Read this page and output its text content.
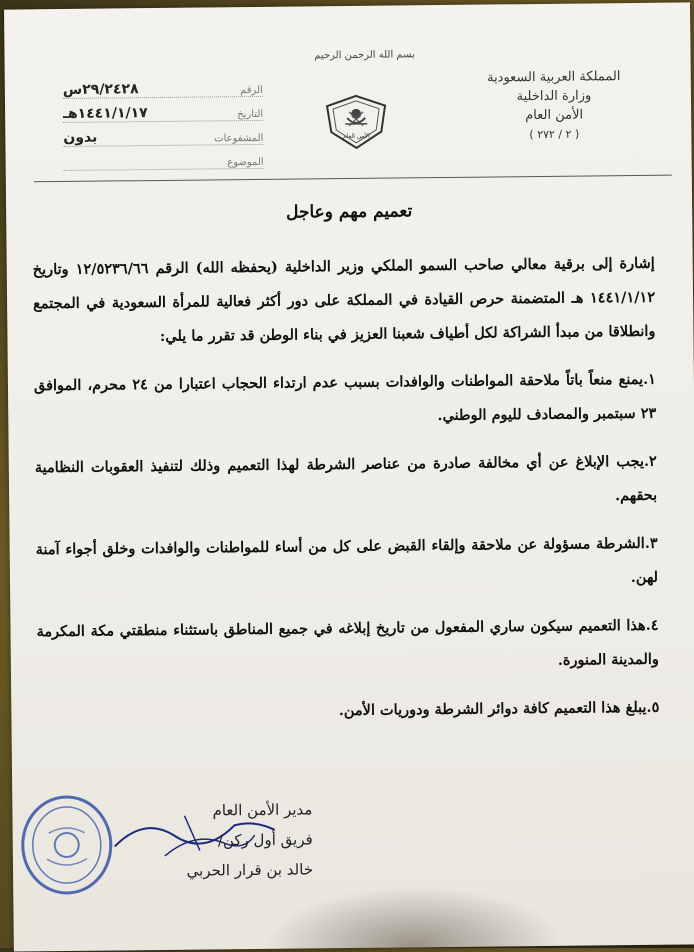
بسم الله الرحمن الرحيم
المملكة العربية السعودية
وزارة الداخلية
الأمن العام
( ٢ / ٢٧٢ )
الأمن العام
الرقم
٢٩/٢٤٢٨س
التاريخ
١٤٤١/١/١٧هـ
المشفوعات
بدون
الموضوع
تعميم مهم وعاجل

إشارة إلى برقية معالي صاحب السمو الملكي وزير الداخلية (يحفظه الله) الرقم ١٢/٥٢٣٦/٦٦ وتاريخ ١٤٤١/١/١٢ هـ المتضمنة حرص القيادة في المملكة على دور أكثر فعالية للمرأة السعودية في المجتمع وانطلاقا من مبدأ الشراكة لكل أطياف شعبنا العزيز في بناء الوطن قد تقرر ما يلي:

١.يمنع منعاً باتاً ملاحقة المواطنات والوافدات بسبب عدم ارتداء الحجاب اعتبارا من ٢٤ محرم، الموافق ٢٣ سبتمبر والمصادف لليوم الوطني.

٢.يجب الإبلاغ عن أي مخالفة صادرة من عناصر الشرطة لهذا التعميم وذلك لتنفيذ العقوبات النظامية بحقهم.

٣.الشرطة مسؤولة عن ملاحقة وإلقاء القبض على كل من أساء للمواطنات والوافدات وخلق أجواء آمنة لهن.

٤.هذا التعميم سيكون ساري المفعول من تاريخ إبلاغه في جميع المناطق باستثناء منطقتي مكة المكرمة والمدينة المنورة.

٥.يبلغ هذا التعميم كافة دوائر الشرطة ودوريات الأمن.

مدير الأمن العام
فريق أول ركن/
خالد بن قرار الحربي
